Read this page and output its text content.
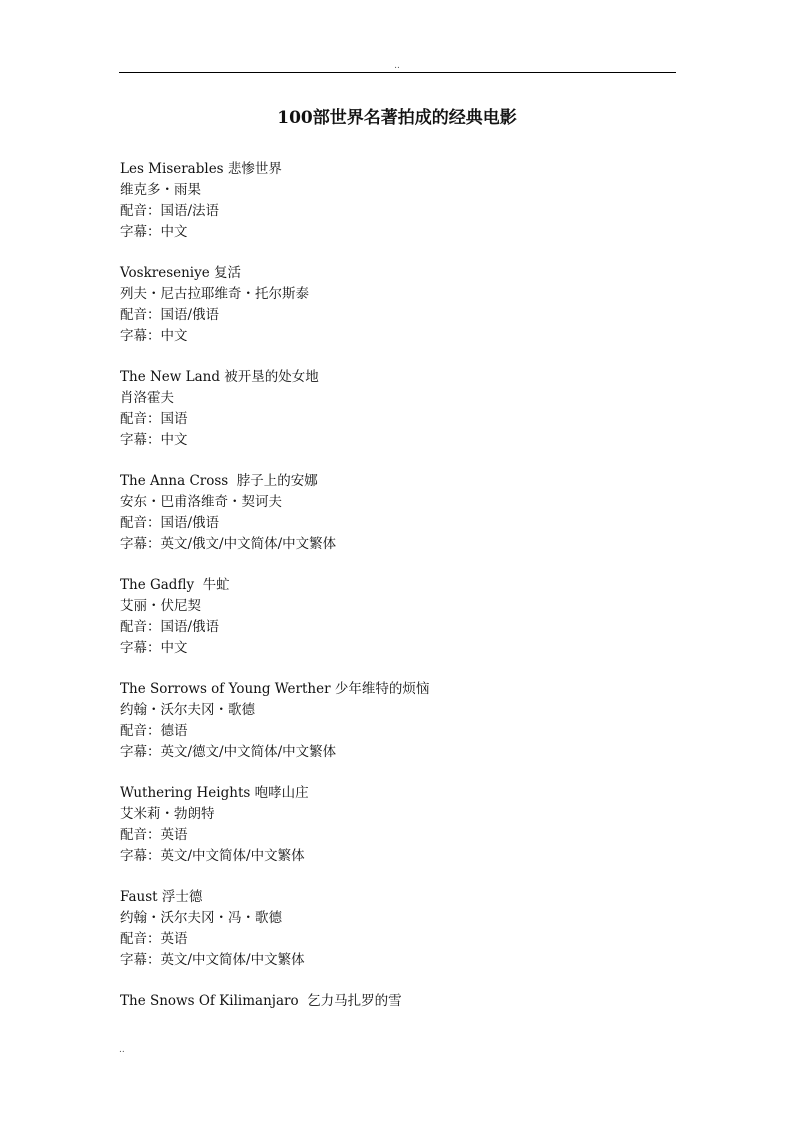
..
100部世界名著拍成的经典电影
Les Miserables 悲惨世界
维克多・雨果
配音：国语/法语
字幕：中文
Voskreseniye 复活
列夫・尼古拉耶维奇・托尔斯泰
配音：国语/俄语
字幕：中文
The New Land 被开垦的处女地
肖洛霍夫
配音：国语
字幕：中文
The Anna Cross  脖子上的安娜
安东・巴甫洛维奇・契诃夫
配音：国语/俄语
字幕：英文/俄文/中文简体/中文繁体
The Gadfly  牛虻
艾丽・伏尼契
配音：国语/俄语
字幕：中文
The Sorrows of Young Werther 少年维特的烦恼
约翰・沃尔夫冈・歌德
配音：德语
字幕：英文/德文/中文简体/中文繁体
Wuthering Heights 咆哮山庄
艾米莉・勃朗特
配音：英语
字幕：英文/中文简体/中文繁体
Faust 浮士德
约翰・沃尔夫冈・冯・歌德
配音：英语
字幕：英文/中文简体/中文繁体
The Snows Of Kilimanjaro  乞力马扎罗的雪
..
